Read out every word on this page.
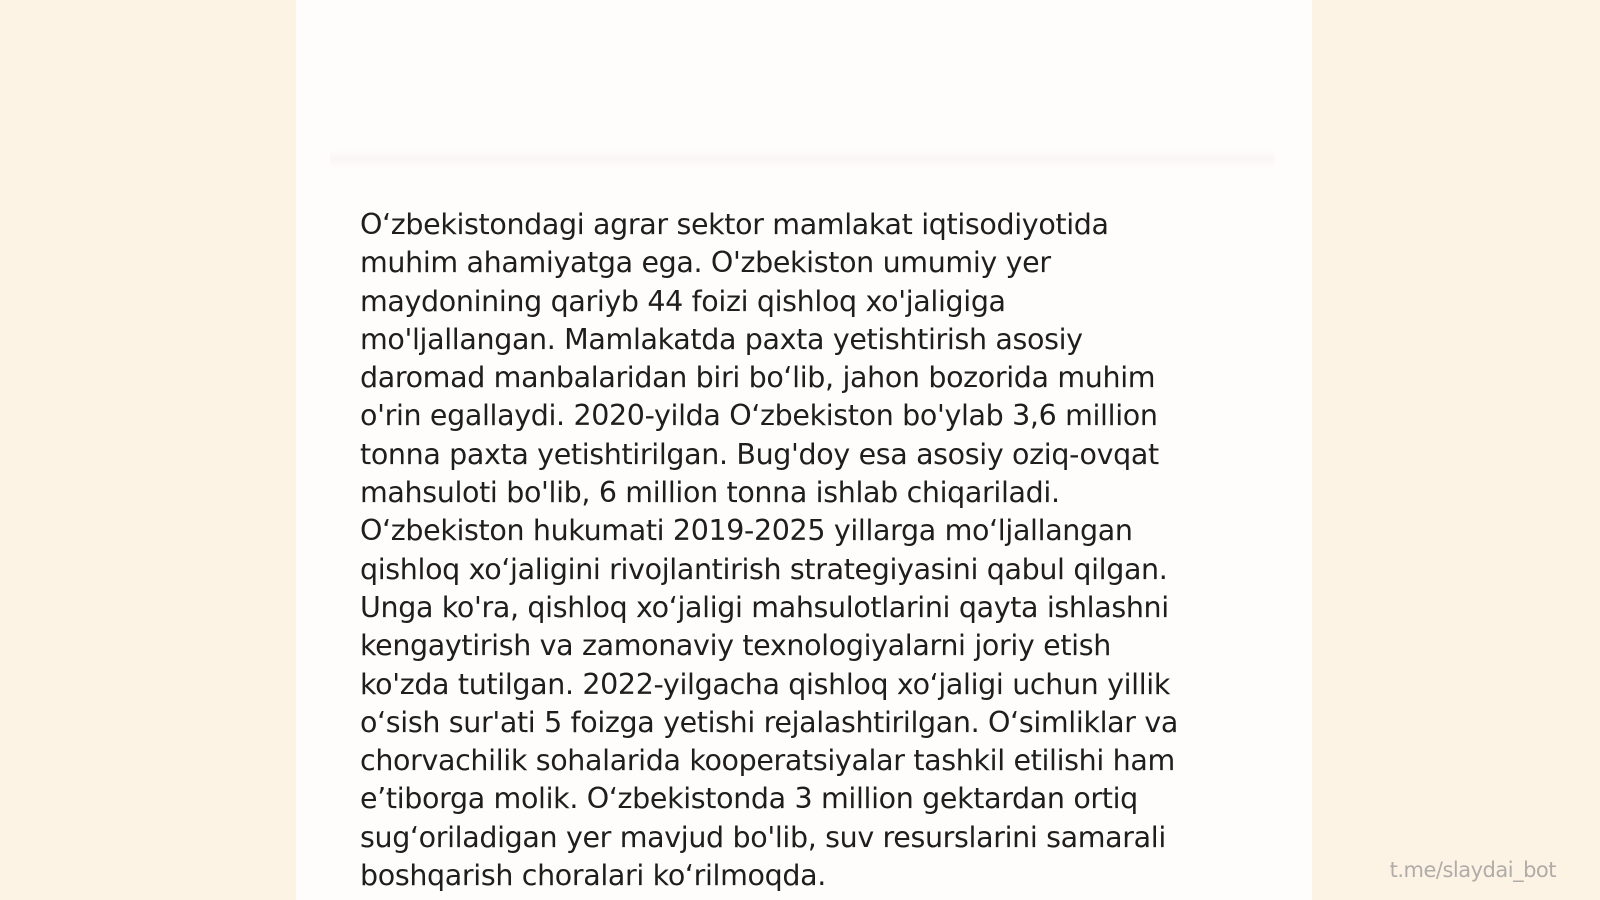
O‘zbekistondagi agrar sektor mamlakat iqtisodiyotida
muhim ahamiyatga ega. O'zbekiston umumiy yer
maydonining qariyb 44 foizi qishloq xo'jaligiga
mo'ljallangan. Mamlakatda paxta yetishtirish asosiy
daromad manbalaridan biri bo‘lib, jahon bozorida muhim
o'rin egallaydi. 2020-yilda O‘zbekiston bo'ylab 3,6 million
tonna paxta yetishtirilgan. Bug'doy esa asosiy oziq-ovqat
mahsuloti bo'lib, 6 million tonna ishlab chiqariladi.
O‘zbekiston hukumati 2019-2025 yillarga mo‘ljallangan
qishloq xo‘jaligini rivojlantirish strategiyasini qabul qilgan.
Unga ko'ra, qishloq xo‘jaligi mahsulotlarini qayta ishlashni
kengaytirish va zamonaviy texnologiyalarni joriy etish
ko'zda tutilgan. 2022-yilgacha qishloq xo‘jaligi uchun yillik
o‘sish sur'ati 5 foizga yetishi rejalashtirilgan. O‘simliklar va
chorvachilik sohalarida kooperatsiyalar tashkil etilishi ham
e’tiborga molik. O‘zbekistonda 3 million gektardan ortiq
sug‘oriladigan yer mavjud bo'lib, suv resurslarini samarali
boshqarish choralari ko‘rilmoqda.	t.me/slaydai_bot
